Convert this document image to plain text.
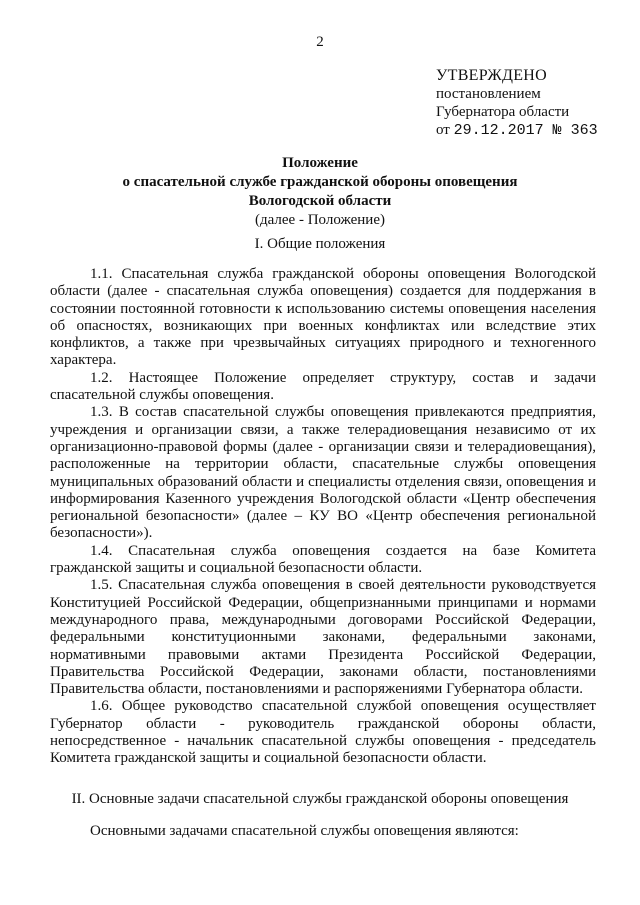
2
УТВЕРЖДЕНО
постановлением
Губернатора области
от 29.12.2017 № 363
Положение
о спасательной службе гражданской обороны оповещения
Вологодской области
(далее - Положение)
I. Общие положения

1.1. Спасательная служба гражданской обороны оповещения Вологодской области (далее - спасательная служба оповещения) создается для поддержания в состоянии постоянной готовности к использованию системы оповещения населения об опасностях, возникающих при военных конфликтах или вследствие этих конфликтов, а также при чрезвычайных ситуациях природного и техногенного характера.

1.2. Настоящее Положение определяет структуру, состав и задачи спасательной службы оповещения.

1.3. В состав спасательной службы оповещения привлекаются предприятия, учреждения и организации связи, а также телерадиовещания независимо от их организационно-правовой формы (далее - организации связи и телерадиовещания), расположенные на территории области, спасательные службы оповещения муниципальных образований области и специалисты отделения связи, оповещения и информирования Казенного учреждения Вологодской области «Центр обеспечения региональной безопасности» (далее – КУ ВО «Центр обеспечения региональной безопасности»).

1.4. Спасательная служба оповещения создается на базе Комитета гражданской защиты и социальной безопасности области.

1.5. Спасательная служба оповещения в своей деятельности руководствуется Конституцией Российской Федерации, общепризнанными принципами и нормами международного права, международными договорами Российской Федерации, федеральными конституционными законами, федеральными законами, нормативными правовыми актами Президента Российской Федерации, Правительства Российской Федерации, законами области, постановлениями Правительства области, постановлениями и распоряжениями Губернатора области.

1.6. Общее руководство спасательной службой оповещения осуществляет Губернатор области - руководитель гражданской обороны области, непосредственное - начальник спасательной службы оповещения - председатель Комитета гражданской защиты и социальной безопасности области.

II. Основные задачи спасательной службы гражданской обороны оповещения
Основными задачами спасательной службы оповещения являются:
